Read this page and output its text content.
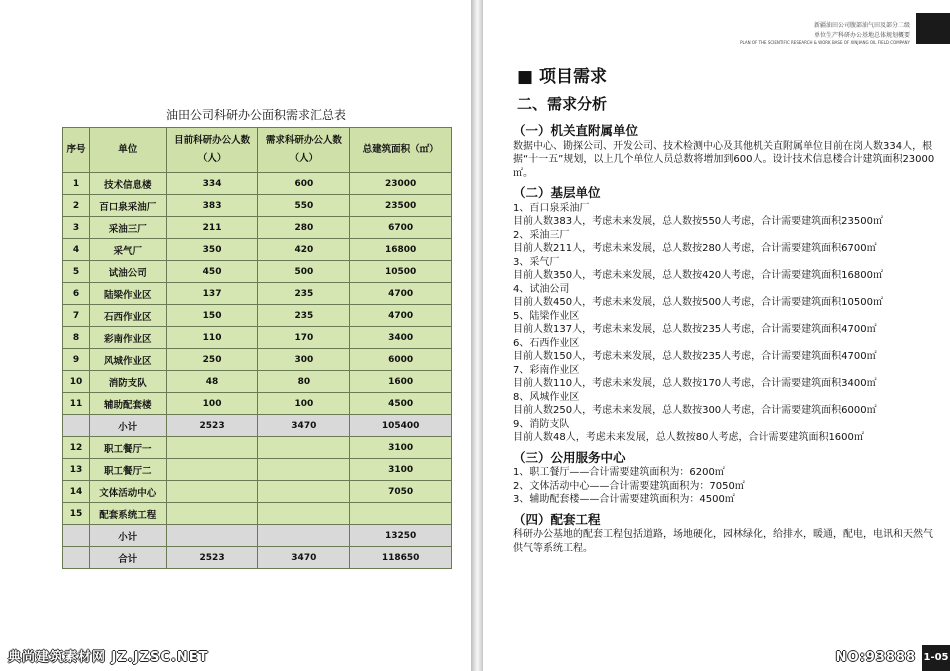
油田公司科研办公面积需求汇总表
序号	单位	目前科研办公人数（人）	需求科研办公人数（人）	总建筑面积（㎡）
1	技术信息楼	334	600	23000
2	百口泉采油厂	383	550	23500
3	采油三厂	211	280	6700
4	采气厂	350	420	16800
5	试油公司	450	500	10500
6	陆梁作业区	137	235	4700
7	石西作业区	150	235	4700
8	彩南作业区	110	170	3400
9	风城作业区	250	300	6000
10	消防支队	48	80	1600
11	辅助配套楼	100	100	4500
	小计	2523	3470	105400
12	职工餐厅一			3100
13	职工餐厅二			3100
14	文体活动中心			7050
15	配套系统工程			
	小计			13250
	合计	2523	3470	118650
典尚建筑素材网 JZ.JZSC.NET
新疆油田公司腹部油气田及部分二级
单位生产科研办公基地总体规划概要
PLAN OF THE SCIENTIFIC RESEARCH & WORK BASE OF XINJIANG OIL FIELD COMPANY
■ 项目需求
二、需求分析
（一）机关直附属单位

数据中心、勘探公司、开发公司、技术检测中心及其他机关直附属单位目前在岗人数334人，根据“十一五”规划，以上几个单位人员总数将增加到600人。设计技术信息楼合计建筑面积23000㎡。

（二）基层单位

1、百口泉采油厂

目前人数383人，考虑未来发展，总人数按550人考虑，合计需要建筑面积23500㎡

2、采油三厂

目前人数211人，考虑未来发展，总人数按280人考虑，合计需要建筑面积6700㎡

3、采气厂

目前人数350人，考虑未来发展，总人数按420人考虑，合计需要建筑面积16800㎡

4、试油公司

目前人数450人，考虑未来发展，总人数按500人考虑，合计需要建筑面积10500㎡

5、陆梁作业区

目前人数137人，考虑未来发展，总人数按235人考虑，合计需要建筑面积4700㎡

6、石西作业区

目前人数150人，考虑未来发展，总人数按235人考虑，合计需要建筑面积4700㎡

7、彩南作业区

目前人数110人，考虑未来发展，总人数按170人考虑，合计需要建筑面积3400㎡

8、风城作业区

目前人数250人，考虑未来发展，总人数按300人考虑，合计需要建筑面积6000㎡

9、消防支队

目前人数48人，考虑未来发展，总人数按80人考虑，合计需要建筑面积1600㎡

（三）公用服务中心

1、职工餐厅——合计需要建筑面积为：6200㎡

2、文体活动中心——合计需要建筑面积为：7050㎡

3、辅助配套楼——合计需要建筑面积为：4500㎡

（四）配套工程

科研办公基地的配套工程包括道路，场地硬化，园林绿化，给排水，暖通，配电，电讯和天然气供气等系统工程。

NO:93888 1-05
